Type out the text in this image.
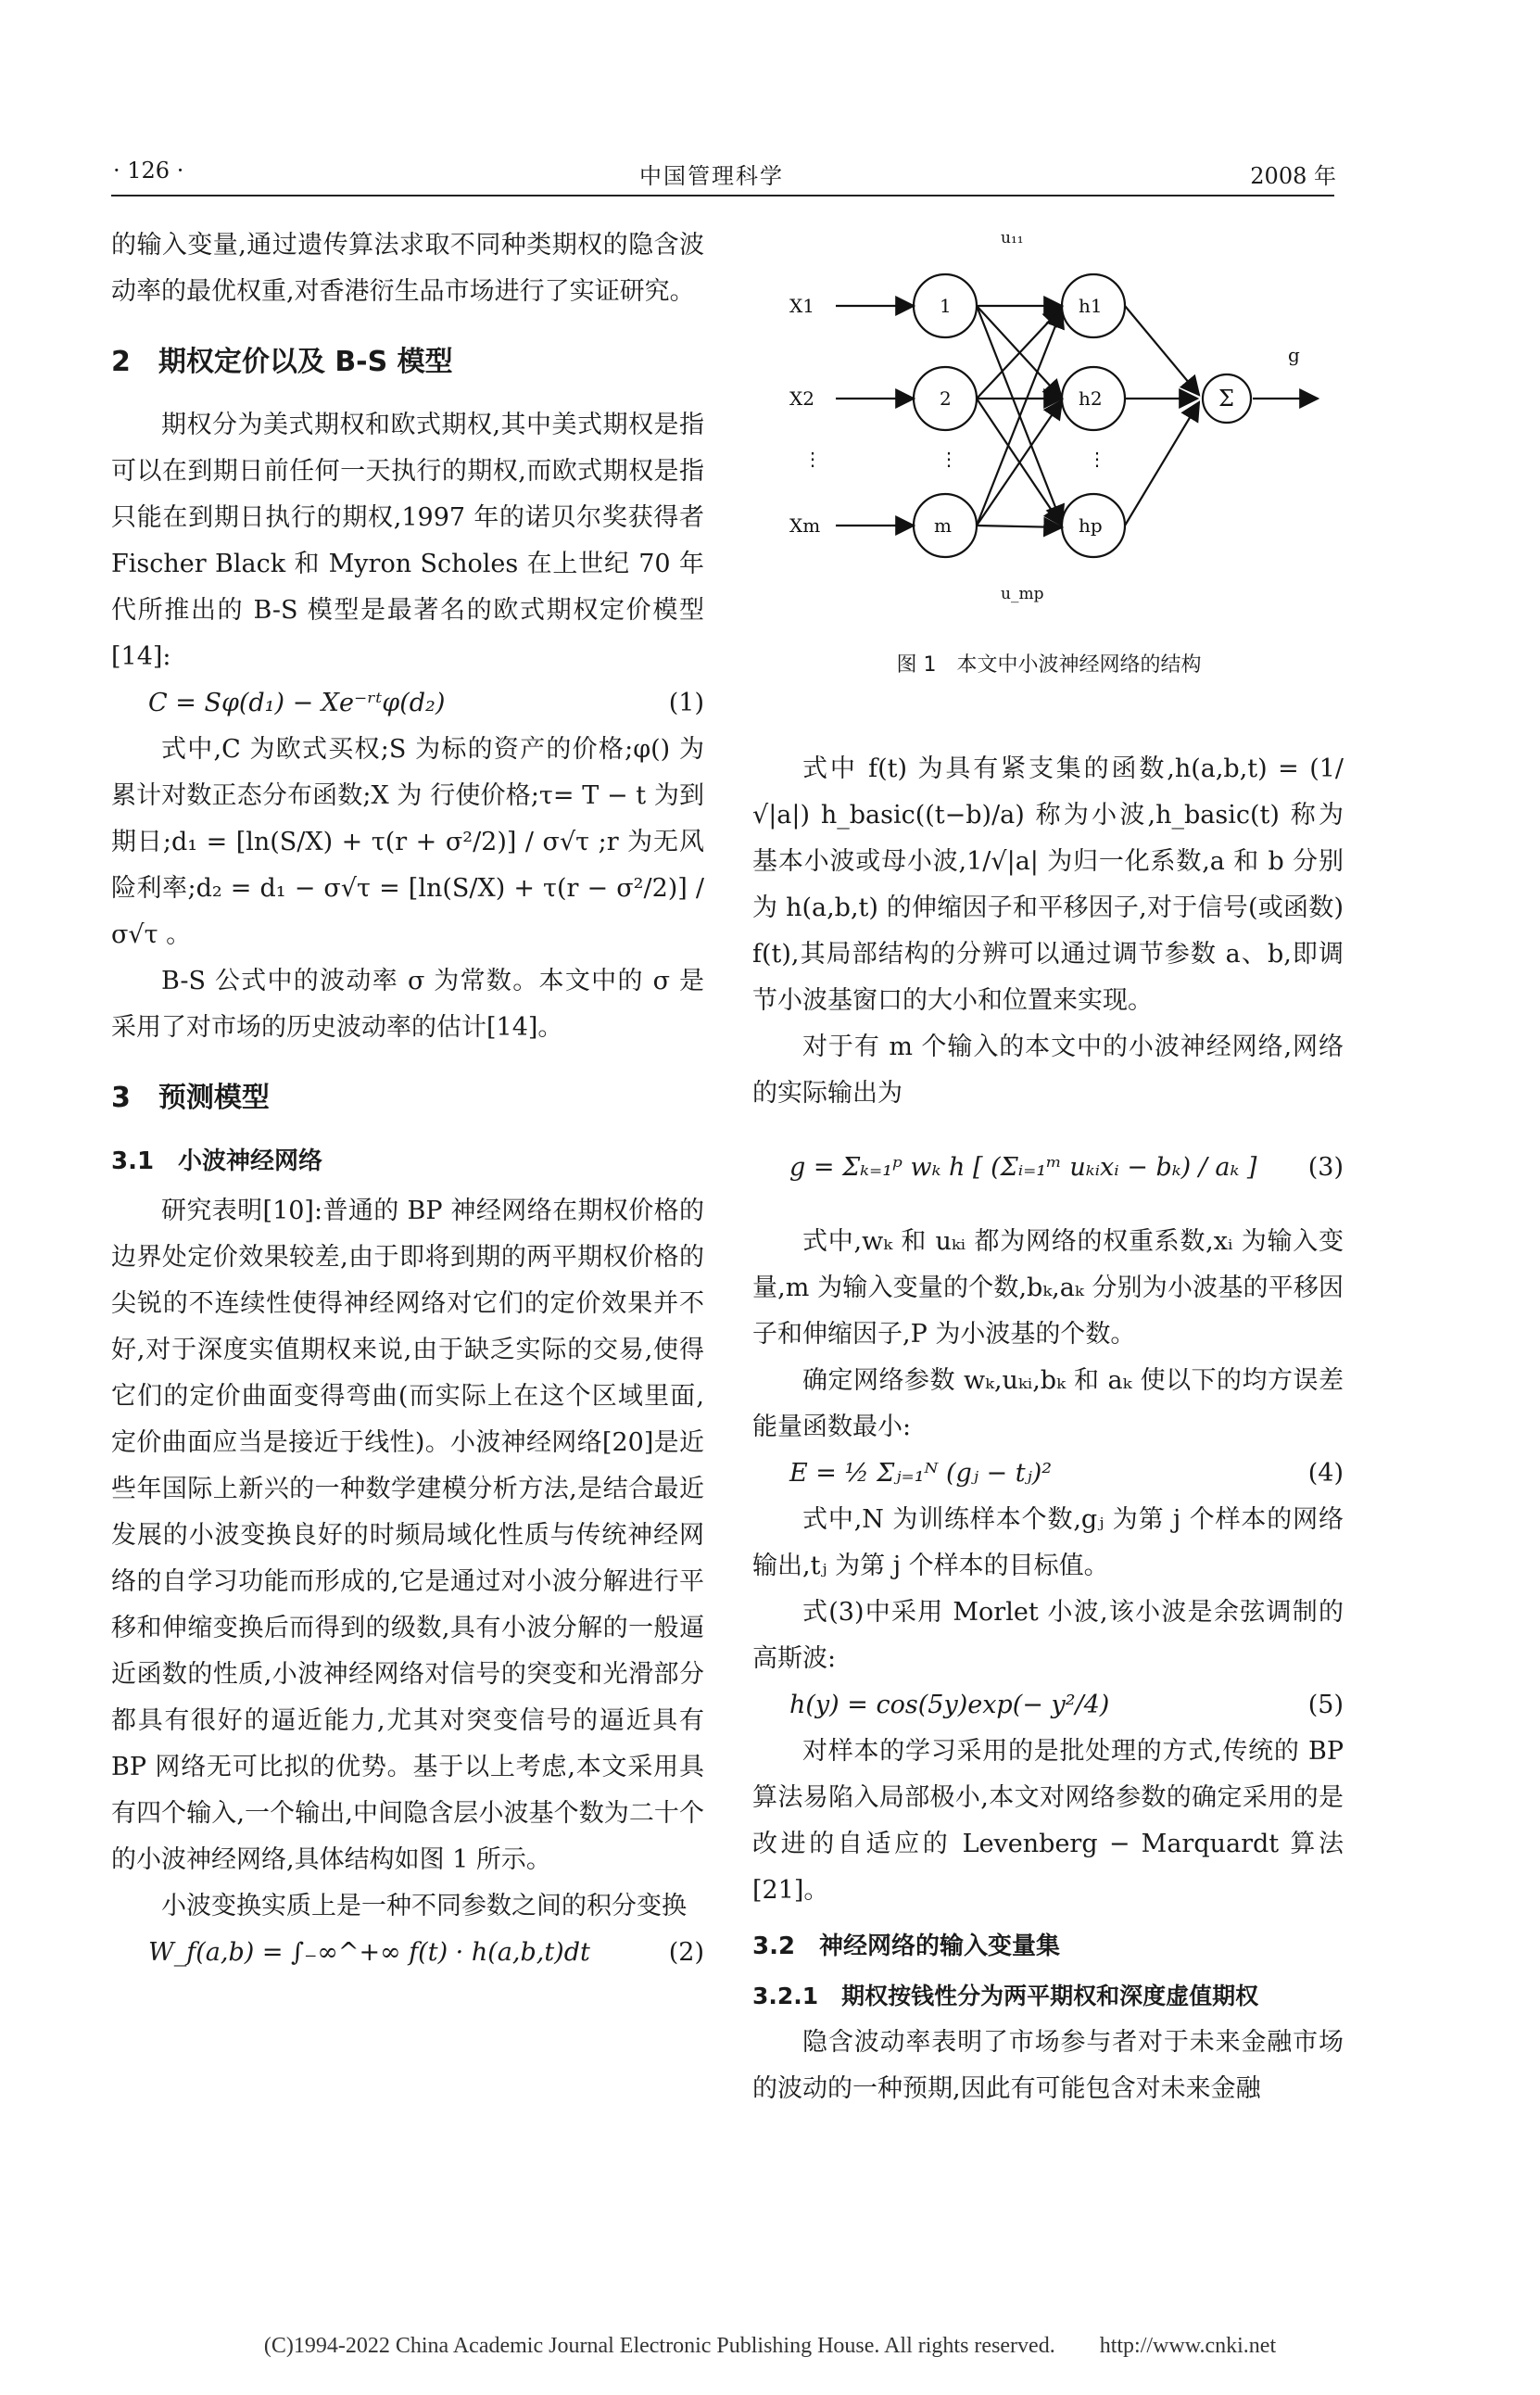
· 126 ·	中国管理科学	2008 年

的输入变量,通过遗传算法求取不同种类期权的隐含波动率的最优权重,对香港衍生品市场进行了实证研究。

2　期权定价以及 B-S 模型

期权分为美式期权和欧式期权,其中美式期权是指可以在到期日前任何一天执行的期权,而欧式期权是指只能在到期日执行的期权,1997 年的诺贝尔奖获得者 Fischer Black 和 Myron Scholes 在上世纪 70 年代所推出的 B-S 模型是最著名的欧式期权定价模型[14]:

C = Sφ(d₁) − Xe⁻ʳᵗφ(d₂)	(1)

式中,C 为欧式买权;S 为标的资产的价格;φ() 为累计对数正态分布函数;X 为 行使价格;τ= T − t 为到期日;d₁ = [ln(S/X) + τ(r + σ²/2)] / σ√τ ;r 为无风险利率;d₂ = d₁ − σ√τ = [ln(S/X) + τ(r − σ²/2)] / σ√τ 。

B-S 公式中的波动率 σ 为常数。本文中的 σ 是采用了对市场的历史波动率的估计[14]。

3　预测模型

3.1　小波神经网络

研究表明[10]:普通的 BP 神经网络在期权价格的边界处定价效果较差,由于即将到期的两平期权价格的尖锐的不连续性使得神经网络对它们的定价效果并不好,对于深度实值期权来说,由于缺乏实际的交易,使得它们的定价曲面变得弯曲(而实际上在这个区域里面,定价曲面应当是接近于线性)。小波神经网络[20]是近些年国际上新兴的一种数学建模分析方法,是结合最近发展的小波变换良好的时频局域化性质与传统神经网络的自学习功能而形成的,它是通过对小波分解进行平移和伸缩变换后而得到的级数,具有小波分解的一般逼近函数的性质,小波神经网络对信号的突变和光滑部分都具有很好的逼近能力,尤其对突变信号的逼近具有 BP 网络无可比拟的优势。基于以上考虑,本文采用具有四个输入,一个输出,中间隐含层小波基个数为二十个的小波神经网络,具体结构如图 1 所示。

小波变换实质上是一种不同参数之间的积分变换

W_f(a,b) = ∫₋∞^+∞ f(t) · h(a,b,t)dt	(2)
X1
X2
⋮
Xm
1
2
m
h1
h2
hp
⋮	⋮
Σ
g
u₁₁
u_mp
图 1　本文中小波神经网络的结构

式中 f(t) 为具有紧支集的函数,h(a,b,t) = (1/√|a|) h_basic((t−b)/a) 称为小波,h_basic(t) 称为基本小波或母小波,1/√|a| 为归一化系数,a 和 b 分别为 h(a,b,t) 的伸缩因子和平移因子,对于信号(或函数) f(t),其局部结构的分辨可以通过调节参数 a、b,即调节小波基窗口的大小和位置来实现。

对于有 m 个输入的本文中的小波神经网络,网络的实际输出为

g = Σₖ₌₁ᵖ wₖ h [ (Σᵢ₌₁ᵐ uₖᵢxᵢ − bₖ) / aₖ ] (3)

式中,wₖ 和 uₖᵢ 都为网络的权重系数,xᵢ 为输入变量,m 为输入变量的个数,bₖ,aₖ 分别为小波基的平移因子和伸缩因子,P 为小波基的个数。

确定网络参数 wₖ,uₖᵢ,bₖ 和 aₖ 使以下的均方误差能量函数最小:

E = ½ Σⱼ₌₁ᴺ (gⱼ − tⱼ)²	(4)

式中,N 为训练样本个数,gⱼ 为第 j 个样本的网络输出,tⱼ 为第 j 个样本的目标值。

式(3)中采用 Morlet 小波,该小波是余弦调制的高斯波:

h(y) = cos(5y)exp(− y²/4)	(5)

对样本的学习采用的是批处理的方式,传统的 BP 算法易陷入局部极小,本文对网络参数的确定采用的是改进的自适应的 Levenberg − Marquardt 算法[21]。

3.2　神经网络的输入变量集

3.2.1　期权按钱性分为两平期权和深度虚值期权

隐含波动率表明了市场参与者对于未来金融市场的波动的一种预期,因此有可能包含对未来金融

(C)1994-2022 China Academic Journal Electronic Publishing House. All rights reserved.　　http://www.cnki.net
